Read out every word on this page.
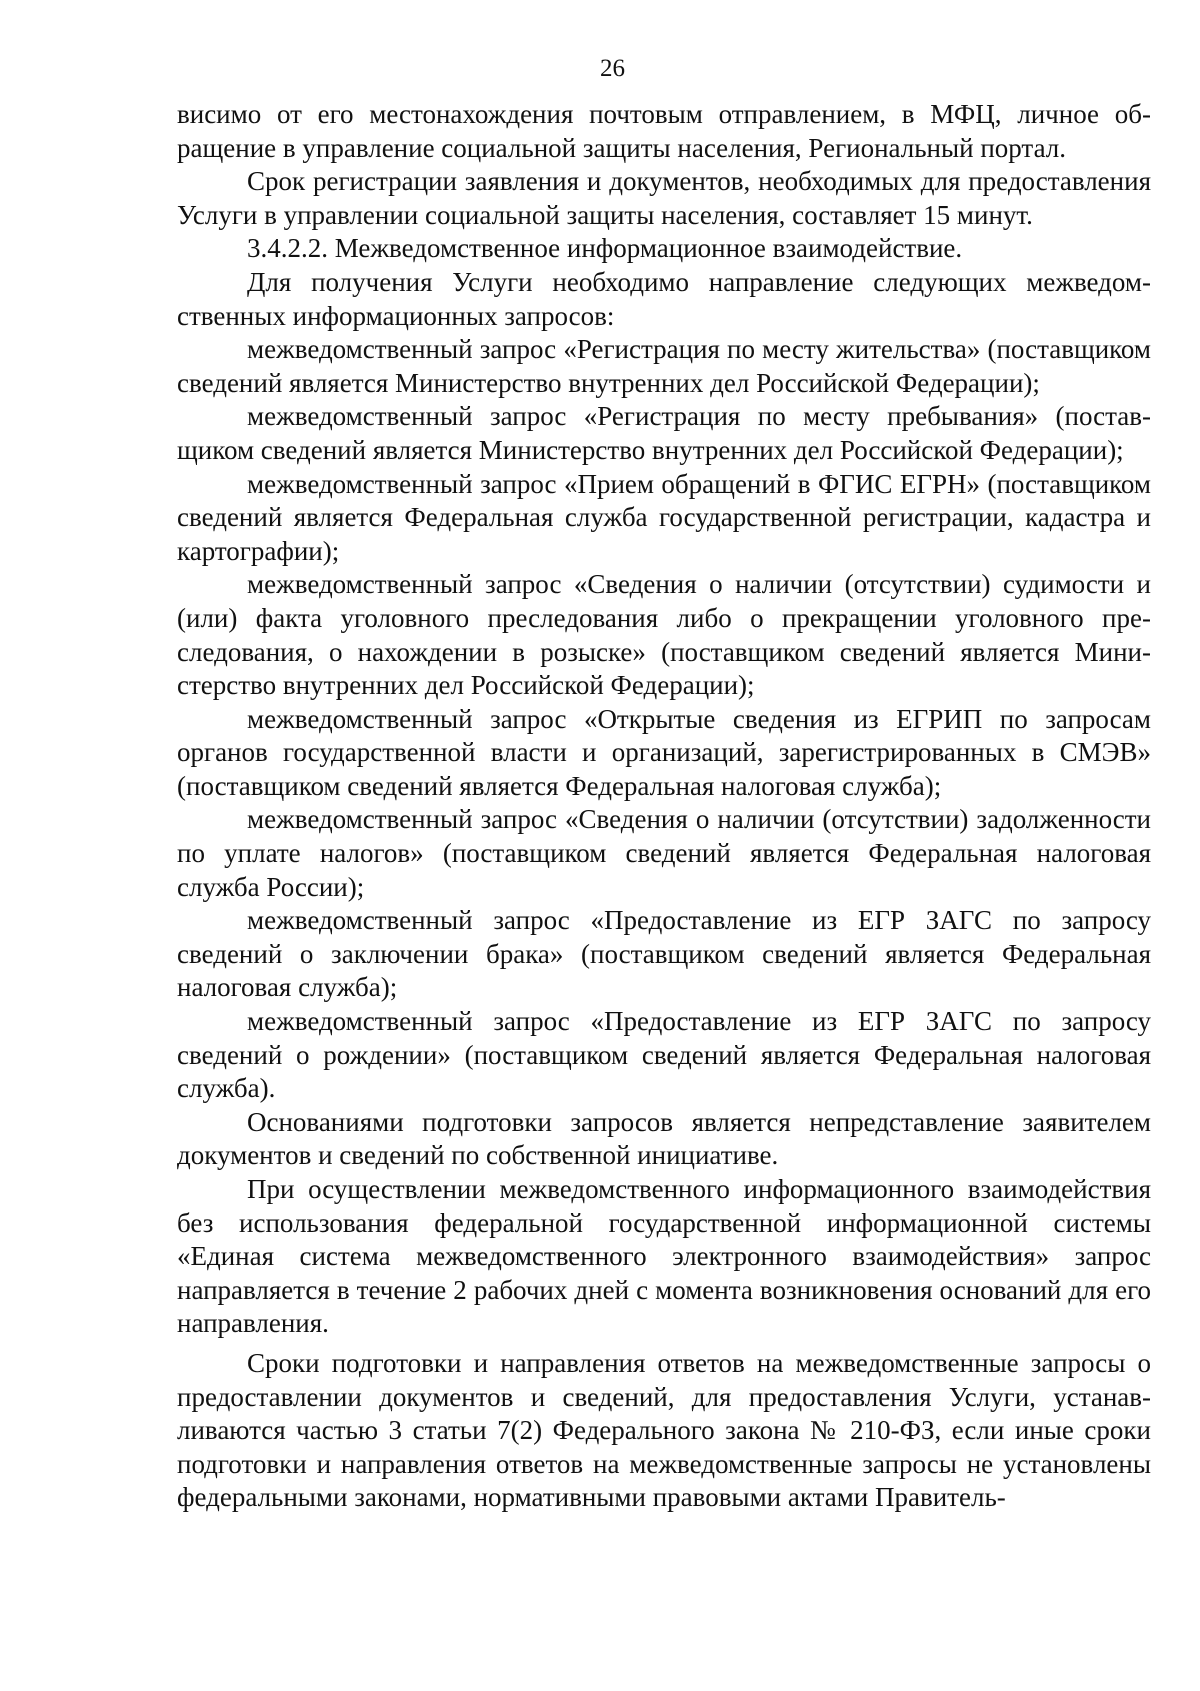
26

висимо от его местонахождения почтовым отправлением, в МФЦ, личное обращение в управление социальной защиты населения, Региональный портал.

Срок регистрации заявления и документов, необходимых для предоставления Услуги в управлении социальной защиты населения, составляет 15 минут.

3.4.2.2. Межведомственное информационное взаимодействие.

Для получения Услуги необходимо направление следующих межведомственных информационных запросов:

межведомственный запрос «Регистрация по месту жительства» (поставщиком сведений является Министерство внутренних дел Российской Федерации);

межведомственный запрос «Регистрация по месту пребывания» (поставщиком сведений является Министерство внутренних дел Российской Федерации);

межведомственный запрос «Прием обращений в ФГИС ЕГРН» (поставщиком сведений является Федеральная служба государственной регистрации, кадастра и картографии);

межведомственный запрос «Сведения о наличии (отсутствии) судимости и (или) факта уголовного преследования либо о прекращении уголовного преследования, о нахождении в розыске» (поставщиком сведений является Министерство внутренних дел Российской Федерации);

межведомственный запрос «Открытые сведения из ЕГРИП по запросам органов государственной власти и организаций, зарегистрированных в СМЭВ» (поставщиком сведений является Федеральная налоговая служба);

межведомственный запрос «Сведения о наличии (отсутствии) задолженности по уплате налогов» (поставщиком сведений является Федеральная налоговая служба России);

межведомственный запрос «Предоставление из ЕГР ЗАГС по запросу сведений о заключении брака» (поставщиком сведений является Федеральная налоговая служба);

межведомственный запрос «Предоставление из ЕГР ЗАГС по запросу сведений о рождении» (поставщиком сведений является Федеральная налоговая служба).

Основаниями подготовки запросов является непредставление заявителем документов и сведений по собственной инициативе.

При осуществлении межведомственного информационного взаимодействия без использования федеральной государственной информационной системы «Единая система межведомственного электронного взаимодействия» запрос направляется в течение 2 рабочих дней с момента возникновения оснований для его направления.

Сроки подготовки и направления ответов на межведомственные запросы о предоставлении документов и сведений, для предоставления Услуги, устанавливаются частью 3 статьи 7(2) Федерального закона № 210-ФЗ, если иные сроки подготовки и направления ответов на межведомственные запросы не установлены федеральными законами, нормативными правовыми актами Правитель-
